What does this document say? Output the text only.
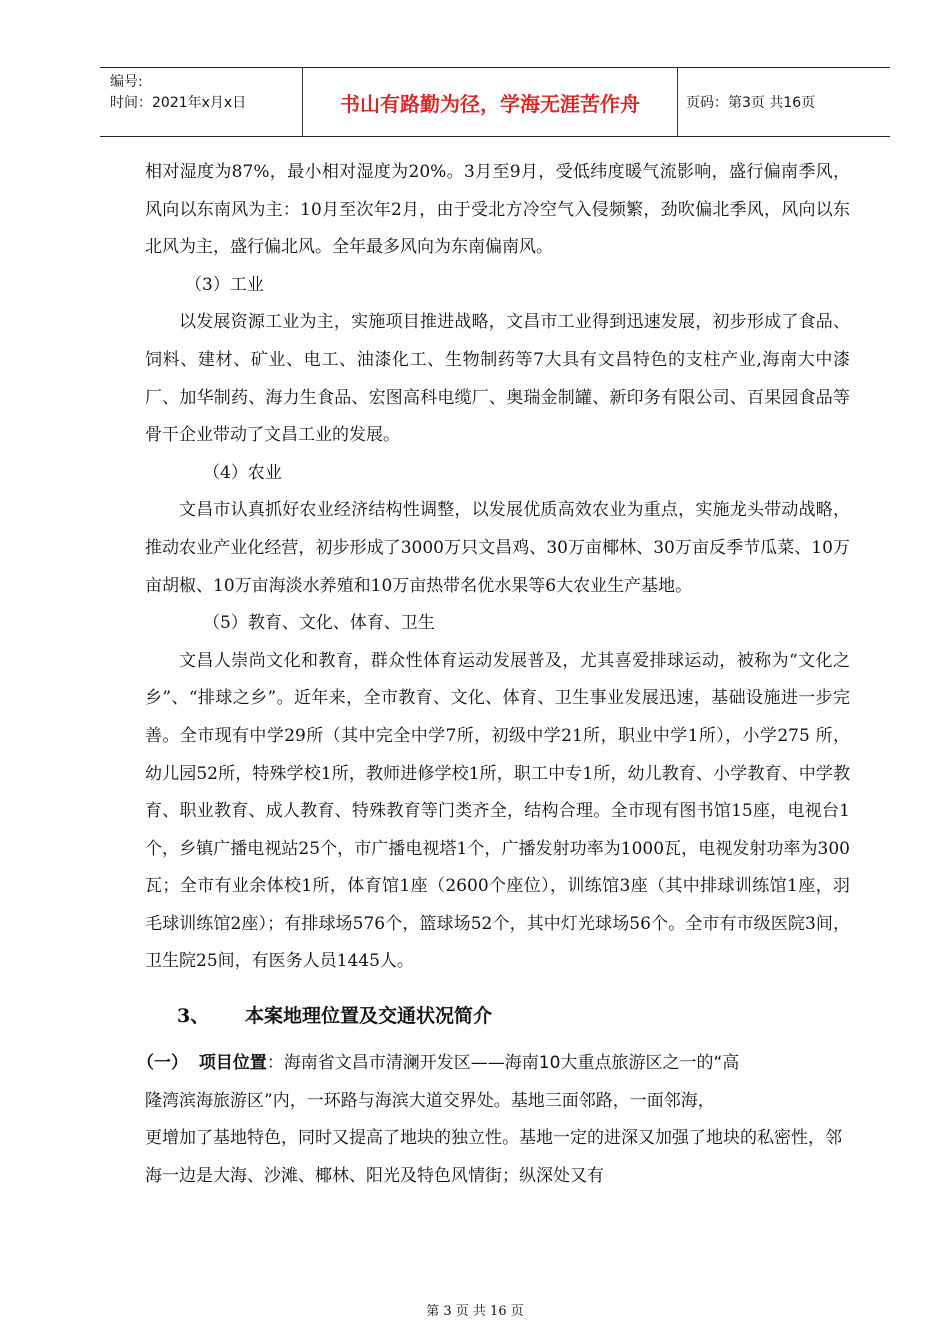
编号:
时间：2021年x月x日	书山有路勤为径，学海无涯苦作舟	页码：第3页 共16页

相对湿度为87%，最小相对湿度为20%。3月至9月，受低纬度暖气流影响，盛行偏南季风，风向以东南风为主：10月至次年2月，由于受北方冷空气入侵频繁，劲吹偏北季风，风向以东北风为主，盛行偏北风。全年最多风向为东南偏南风。

（3）工业

以发展资源工业为主，实施项目推进战略，文昌市工业得到迅速发展，初步形成了食品、饲料、建材、矿业、电工、油漆化工、生物制药等7大具有文昌特色的支柱产业,海南大中漆厂、加华制药、海力生食品、宏图高科电缆厂、奥瑞金制罐、新印务有限公司、百果园食品等骨干企业带动了文昌工业的发展。

（4）农业

文昌市认真抓好农业经济结构性调整，以发展优质高效农业为重点，实施龙头带动战略，推动农业产业化经营，初步形成了3000万只文昌鸡、30万亩椰林、30万亩反季节瓜菜、10万亩胡椒、10万亩海淡水养殖和10万亩热带名优水果等6大农业生产基地。

（5）教育、文化、体育、卫生

文昌人崇尚文化和教育，群众性体育运动发展普及，尤其喜爱排球运动，被称为“文化之乡”、“排球之乡”。近年来，全市教育、文化、体育、卫生事业发展迅速，基础设施进一步完善。全市现有中学29所（其中完全中学7所，初级中学21所，职业中学1所），小学275 所，幼儿园52所，特殊学校1所，教师进修学校1所，职工中专1所，幼儿教育、小学教育、中学教育、职业教育、成人教育、特殊教育等门类齐全，结构合理。全市现有图书馆15座，电视台1个，乡镇广播电视站25个，市广播电视塔1个，广播发射功率为1000瓦，电视发射功率为300瓦；全市有业余体校1所，体育馆1座（2600个座位），训练馆3座（其中排球训练馆1座，羽毛球训练馆2座）；有排球场576个，篮球场52个，其中灯光球场56个。全市有市级医院3间，卫生院25间，有医务人员1445人。

3、 本案地理位置及交通状况简介
（一） 项目位置：海南省文昌市清澜开发区——海南10大重点旅游区之一的“高
隆湾滨海旅游区”内，一环路与海滨大道交界处。基地三面邻路，一面邻海，
更增加了基地特色，同时又提高了地块的独立性。基地一定的进深又加强了地块的私密性，邻海一边是大海、沙滩、椰林、阳光及特色风情街；纵深处又有
第 3 页 共 16 页
